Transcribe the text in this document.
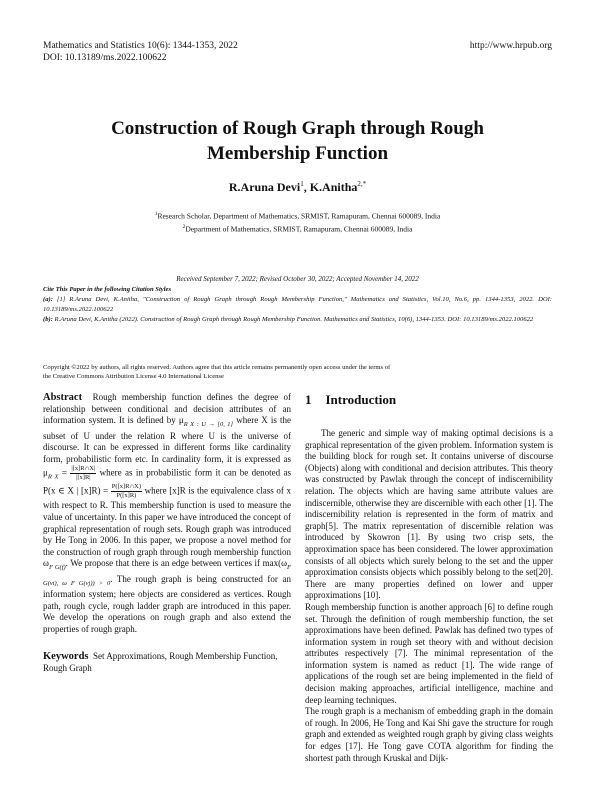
Mathematics and Statistics 10(6): 1344-1353, 2022
DOI: 10.13189/ms.2022.100622
http://www.hrpub.org
Construction of Rough Graph through Rough
Membership Function
R.Aruna Devi$^1$, K.Anitha$^{2,*}$
$^1$Research Scholar, Department of Mathematics, SRMIST, Ramapuram, Chennai 600089, India
$^2$Department of Mathematics, SRMIST, Ramapuram, Chennai 600089, India
Received September 7, 2022; Revised October 30, 2022; Accepted November 14, 2022
Cite This Paper in the following Citation Styles
(a): [1] R.Aruna Devi, K.Anitha, "Construction of Rough Graph through Rough Membership Function," Mathematics and Statistics, Vol.10, No.6, pp. 1344-1353, 2022. DOI: 10.13189/ms.2022.100622
(b): R.Aruna Devi, K.Anitha (2022). Construction of Rough Graph through Rough Membership Function. Mathematics and Statistics, 10(6), 1344-1353. DOI: 10.13189/ms.2022.100622
Copyright ©2022 by authors, all rights reserved. Authors agree that this article remains permanently open access under the terms of
the Creative Commons Attribution License 4.0 International License
Abstract Rough membership function defines the degree of relationship between conditional and decision attributes of an information system. It is defined by $\mu_{R X : U \to [0, 1]}$ where X is the subset of U under the relation R where U is the universe of discourse. It can be expressed in different forms like cardinality form, probabilistic form etc. In cardinality form, it is expressed as $\mu_{R X} = \frac{|[x]R\cap X|}{|[x]R|}$ where as in probabilistic form it can be denoted as P(x ∈ X | $[x]R) = \frac{P([x]R\cap X)}{P([x]R)}$ where [x]R is the equivalence class of x with respect to R. This membership function is used to measure the value of uncertainty. In this paper we have introduced the concept of graphical representation of rough sets. Rough graph was introduced by He Tong in 2006. In this paper, we propose a novel method for the construction of rough graph through rough membership function $\omega_{F G(f)}$. We propose that there is an edge between vertices if $\max(\omega_{F G(vi), \omega F G(vj)) > 0}$. The rough graph is being constructed for an information system; here objects are considered as vertices. Rough path, rough cycle, rough ladder graph are introduced in this paper. We develop the operations on rough graph and also extend the properties of rough graph.
Keywords Set Approximations, Rough Membership Function, Rough Graph
1 Introduction

The generic and simple way of making optimal decisions is a graphical representation of the given problem. Information system is the building block for rough set. It contains universe of discourse (Objects) along with conditional and decision attributes. This theory was constructed by Pawlak through the concept of indiscernibility relation. The objects which are having same attribute values are indiscernible, otherwise they are discernible with each other [1]. The indiscernibility relation is represented in the form of matrix and graph[5]. The matrix representation of discernible relation was introduced by Skowron [1]. By using two crisp sets, the approximation space has been considered. The lower approximation consists of all objects which surely belong to the set and the upper approximation consists objects which possibly belong to the set[20]. There are many properties defined on lower and upper approximations [10].

Rough membership function is another approach [6] to define rough set. Through the definition of rough membership function, the set approximations have been defined. Pawlak has defined two types of information system in rough set theory with and without decision attributes respectively [7]. The minimal representation of the information system is named as reduct [1]. The wide range of applications of the rough set are being implemented in the field of decision making approaches, artificial intelligence, machine and deep learning techniques.

The rough graph is a mechanism of embedding graph in the domain of rough. In 2006, He Tong and Kai Shi gave the structure for rough graph and extended as weighted rough graph by giving class weights for edges [17]. He Tong gave COTA algorithm for finding the shortest path through Kruskal and Dijk-
